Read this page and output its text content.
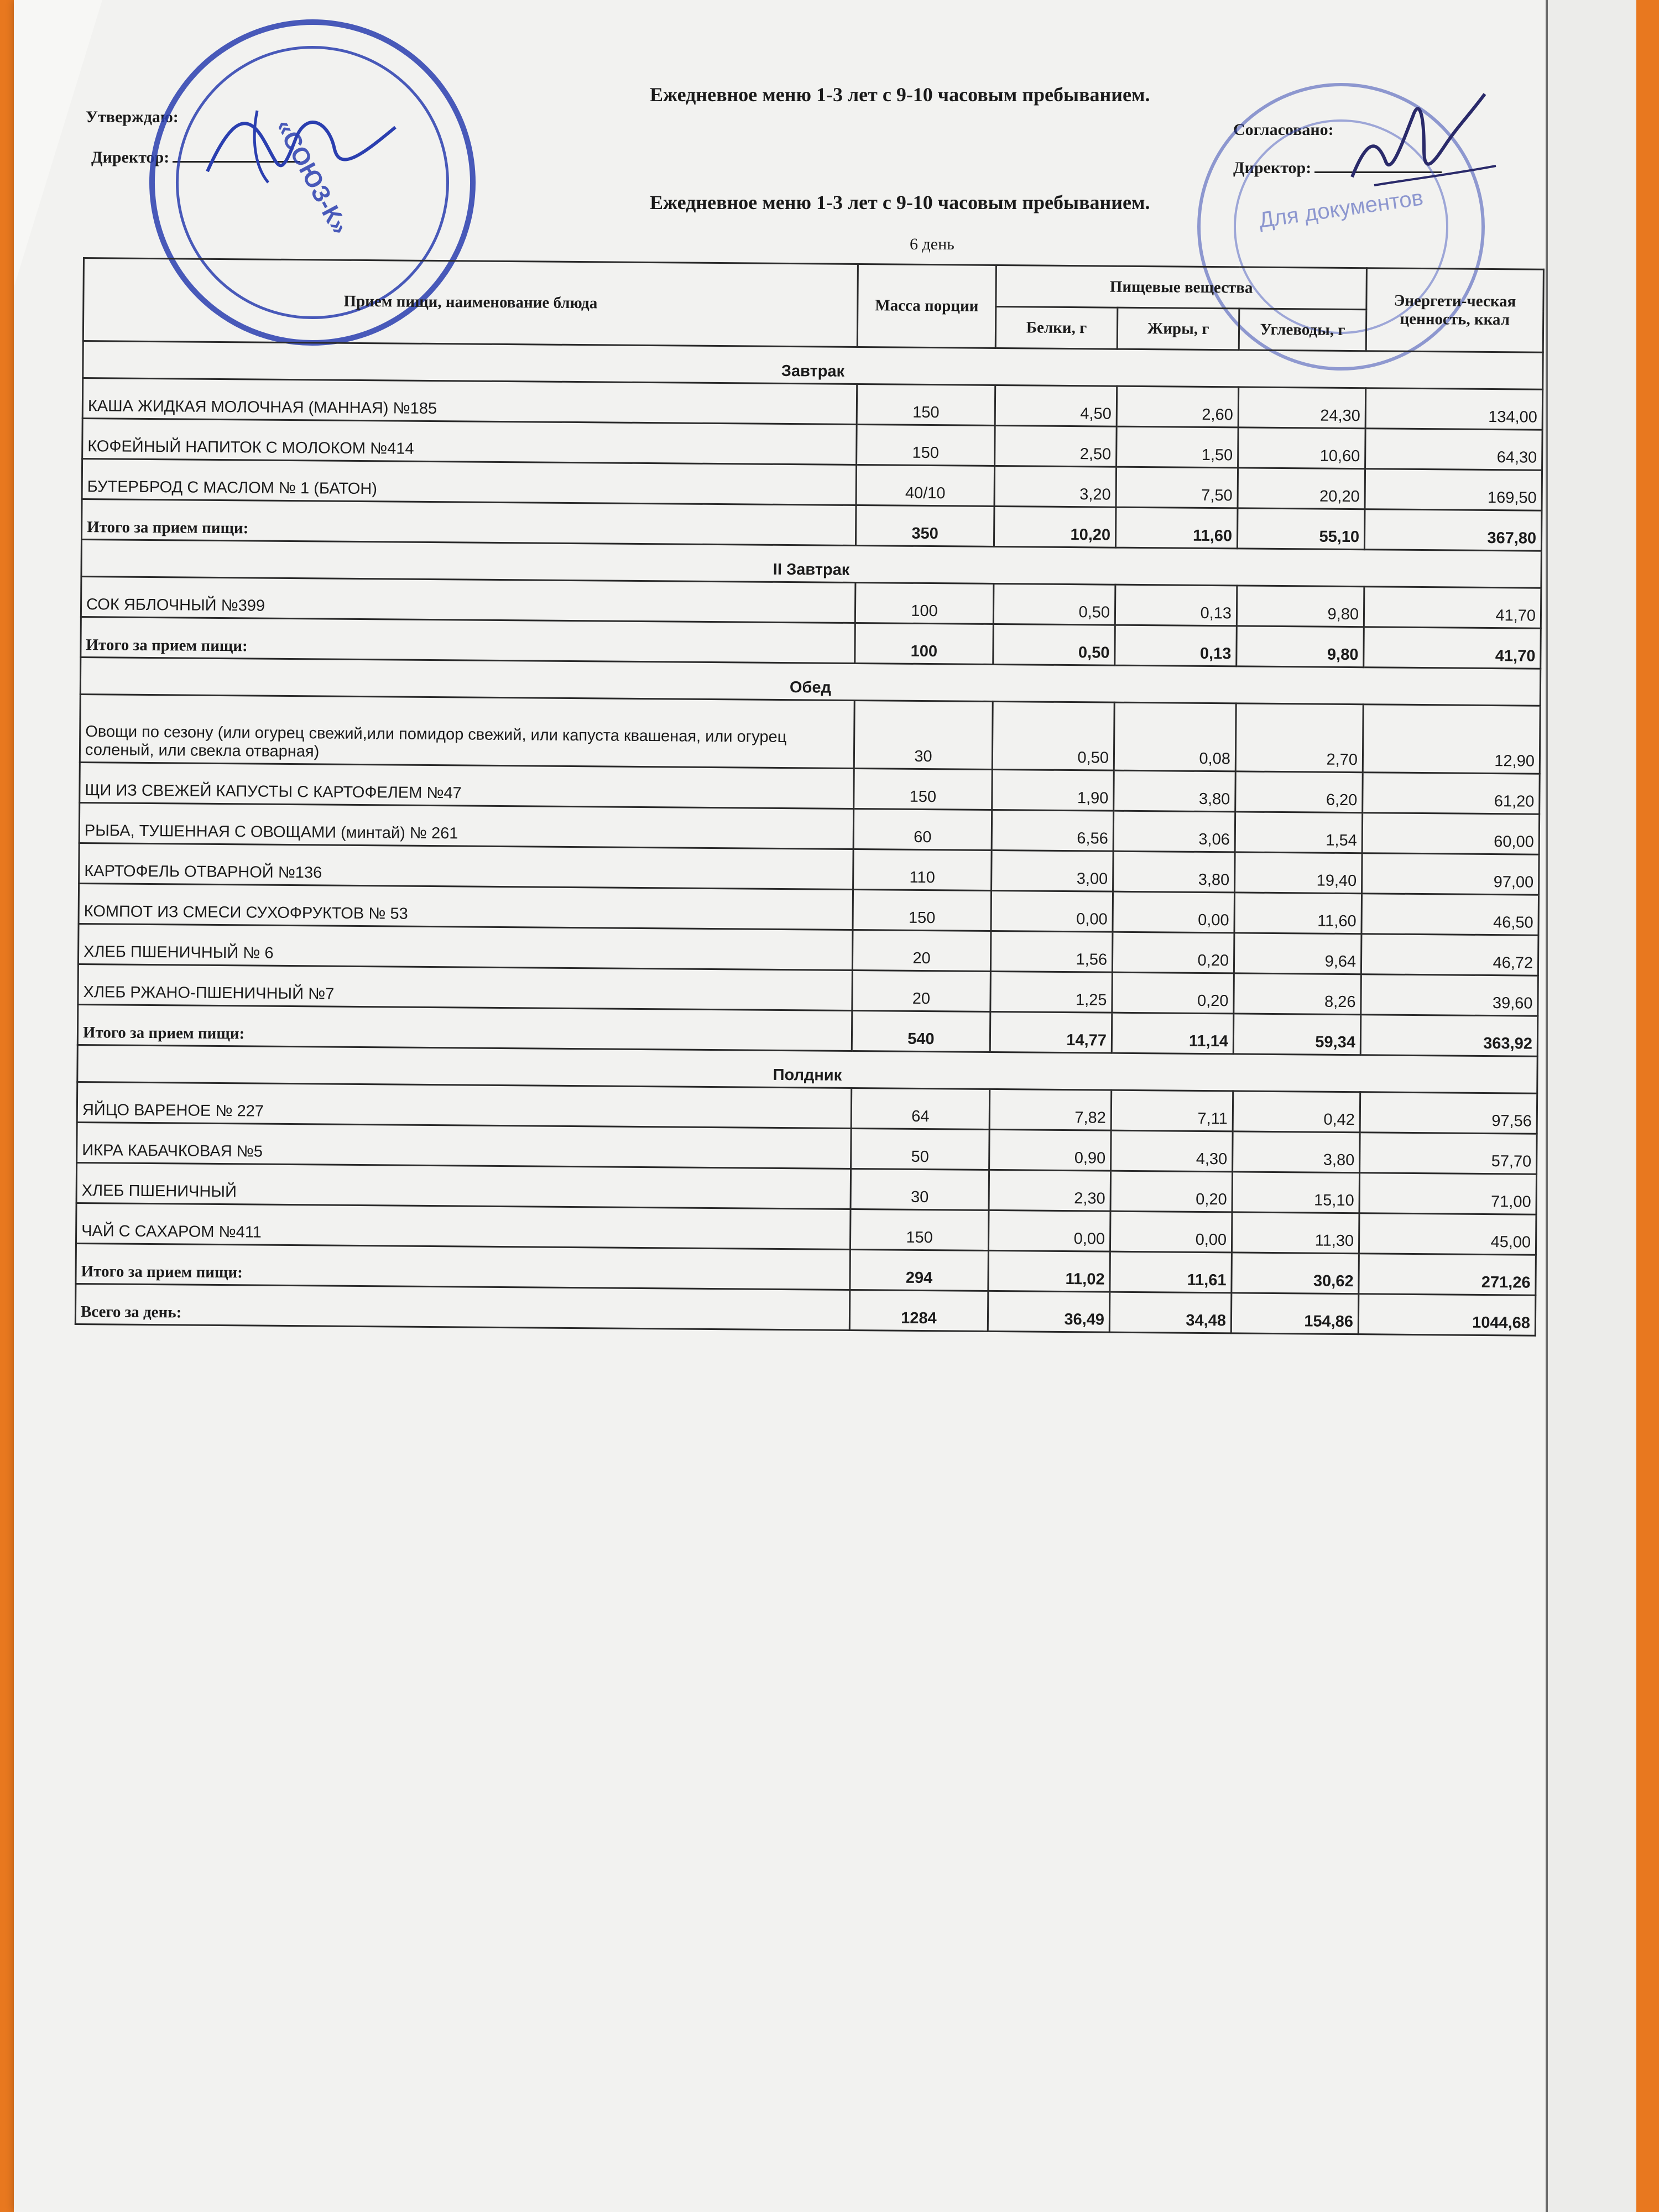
Ежедневное меню 1-3 лет с 9-10 часовым пребыванием.
Утверждаю:
Директор:	«СОЮЗ-К»	Согласовано:
Директор:
Для документов
Ежедневное меню 1-3 лет с 9-10 часовым пребыванием.
6 день
Прием пищи, наименование блюда	Масса порции	Пищевые вещества			Энергети-ческая ценность, ккал
		Белки, г	Жиры, г	Углеводы, г	
Завтрак					
КАША ЖИДКАЯ МОЛОЧНАЯ (МАННАЯ) №185	150	4,50	2,60	24,30	134,00
КОФЕЙНЫЙ НАПИТОК С МОЛОКОМ №414	150	2,50	1,50	10,60	64,30
БУТЕРБРОД С МАСЛОМ № 1 (БАТОН)	40/10	3,20	7,50	20,20	169,50
Итого за прием пищи:	350	10,20	11,60	55,10	367,80
II Завтрак					
СОК ЯБЛОЧНЫЙ №399	100	0,50	0,13	9,80	41,70
Итого за прием пищи:	100	0,50	0,13	9,80	41,70
Обед					
Овощи по сезону (или огурец свежий,или помидор свежий, или капуста квашеная, или огурец соленый, или свекла отварная)	30	0,50	0,08	2,70	12,90
ЩИ ИЗ СВЕЖЕЙ КАПУСТЫ С КАРТОФЕЛЕМ №47	150	1,90	3,80	6,20	61,20
РЫБА, ТУШЕННАЯ С ОВОЩАМИ (минтай) № 261	60	6,56	3,06	1,54	60,00
КАРТОФЕЛЬ ОТВАРНОЙ №136	110	3,00	3,80	19,40	97,00
КОМПОТ ИЗ СМЕСИ СУХОФРУКТОВ № 53	150	0,00	0,00	11,60	46,50
ХЛЕБ ПШЕНИЧНЫЙ № 6	20	1,56	0,20	9,64	46,72
ХЛЕБ РЖАНО-ПШЕНИЧНЫЙ №7	20	1,25	0,20	8,26	39,60
Итого за прием пищи:	540	14,77	11,14	59,34	363,92
Полдник					
ЯЙЦО ВАРЕНОЕ № 227	64	7,82	7,11	0,42	97,56
ИКРА КАБАЧКОВАЯ №5	50	0,90	4,30	3,80	57,70
ХЛЕБ ПШЕНИЧНЫЙ	30	2,30	0,20	15,10	71,00
ЧАЙ С САХАРОМ №411	150	0,00	0,00	11,30	45,00
Итого за прием пищи:	294	11,02	11,61	30,62	271,26
Всего за день:	1284	36,49	34,48	154,86	1044,68
